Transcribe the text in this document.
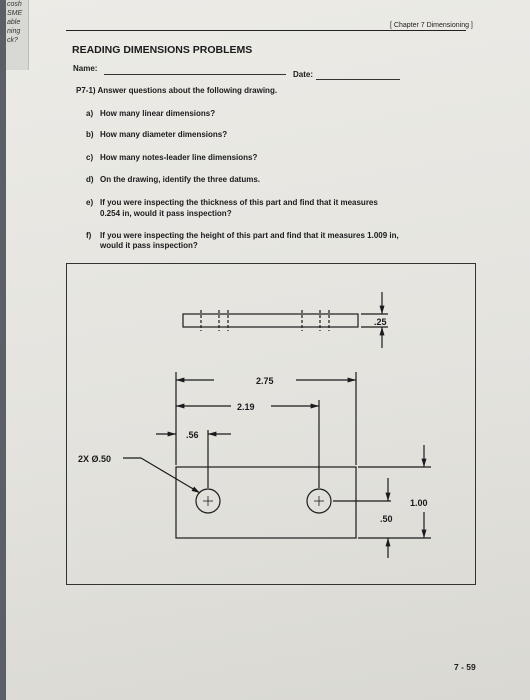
cosh
SME
able
ning
ck?
[ Chapter 7 Dimensioning ]
READING DIMENSIONS PROBLEMS
Name:
Date:
P7-1) Answer questions about the following drawing.
a) How many linear dimensions?
b) How many diameter dimensions?
c) How many notes-leader line dimensions?
d) On the drawing, identify the three datums.
e) If you were inspecting the thickness of this part and find that it measures
0.254 in, would it pass inspection?
f) If you were inspecting the height of this part and find that it measures 1.009 in,
would it pass inspection?
.25
2.75
2.19
.56
2X Ø.50
1.00
.50
7 - 59
